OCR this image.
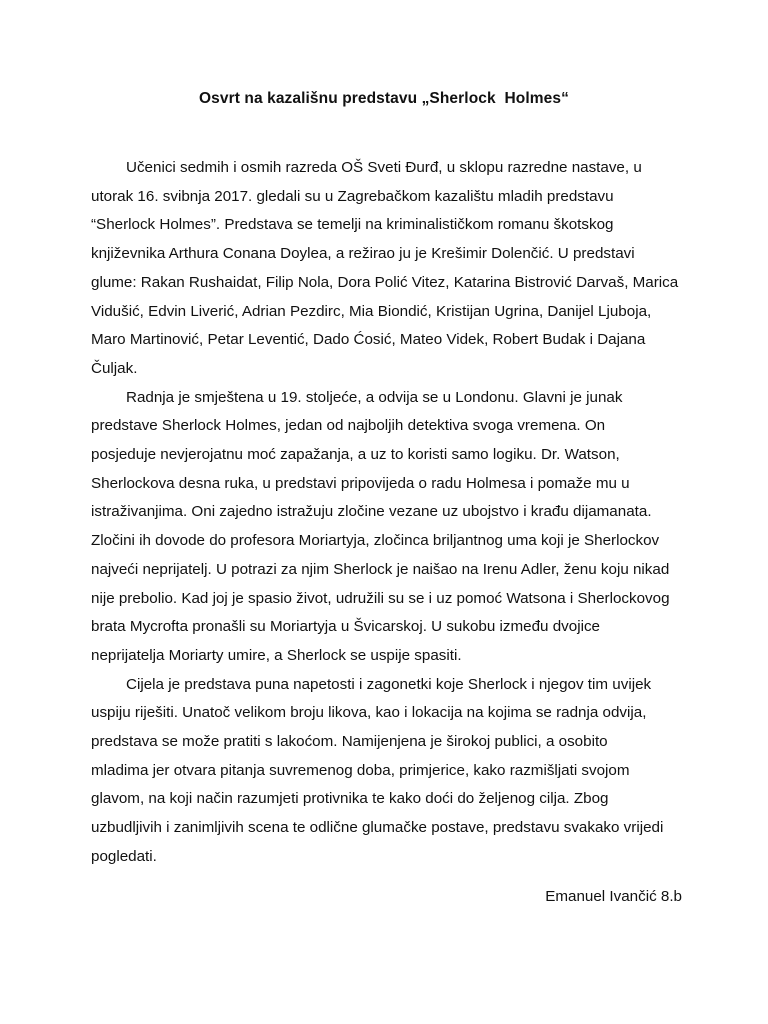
Osvrt na kazališnu predstavu „Sherlock  Holmes“
Učenici sedmih i osmih razreda OŠ Sveti Đurđ, u sklopu razredne nastave, u
utorak 16. svibnja 2017. gledali su u Zagrebačkom kazalištu mladih predstavu
“Sherlock Holmes”. Predstava se temelji na kriminalističkom romanu škotskog
književnika Arthura Conana Doylea, a režirao ju je Krešimir Dolenčić. U predstavi
glume: Rakan Rushaidat, Filip Nola, Dora Polić Vitez, Katarina Bistrović Darvaš, Marica
Vidušić, Edvin Liverić, Adrian Pezdirc, Mia Biondić, Kristijan Ugrina, Danijel Ljuboja,
Maro Martinović, Petar Leventić, Dado Ćosić, Mateo Videk, Robert Budak i Dajana
Čuljak.
Radnja je smještena u 19. stoljeće, a odvija se u Londonu. Glavni je junak
predstave Sherlock Holmes, jedan od najboljih detektiva svoga vremena. On
posjeduje nevjerojatnu moć zapažanja, a uz to koristi samo logiku. Dr. Watson,
Sherlockova desna ruka, u predstavi pripovijeda o radu Holmesa i pomaže mu u
istraživanjima. Oni zajedno istražuju zločine vezane uz ubojstvo i krađu dijamanata.
Zločini ih dovode do profesora Moriartyja, zločinca briljantnog uma koji je Sherlockov
najveći neprijatelj. U potrazi za njim Sherlock je naišao na Irenu Adler, ženu koju nikad
nije prebolio. Kad joj je spasio život, udružili su se i uz pomoć Watsona i Sherlockovog
brata Mycrofta pronašli su Moriartyja u Švicarskoj. U sukobu između dvojice
neprijatelja Moriarty umire, a Sherlock se uspije spasiti.
Cijela je predstava puna napetosti i zagonetki koje Sherlock i njegov tim uvijek
uspiju riješiti. Unatoč velikom broju likova, kao i lokacija na kojima se radnja odvija,
predstava se može pratiti s lakoćom. Namijenjena je širokoj publici, a osobito
mladima jer otvara pitanja suvremenog doba, primjerice, kako razmišljati svojom
glavom, na koji način razumjeti protivnika te kako doći do željenog cilja. Zbog
uzbudljivih i zanimljivih scena te odlične glumačke postave, predstavu svakako vrijedi
pogledati.
Emanuel Ivančić 8.b
